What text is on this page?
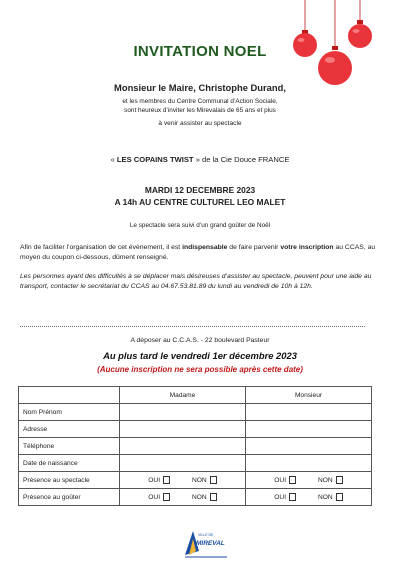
INVITATION NOEL
Monsieur le Maire, Christophe Durand,
et les membres du Centre Communal d’Action Sociale,
sont heureux d’inviter les Mirevalais de 65 ans et plus
à venir assister au spectacle
« LES COPAINS TWIST » de la Cie Douce FRANCE
MARDI 12 DECEMBRE 2023
A 14h AU CENTRE CULTUREL LEO MALET
Le spectacle sera suivi d’un grand goûter de Noël
Afin de faciliter l’organisation de cet évènement, il est indispensable de faire parvenir votre inscription au CCAS, au moyen du coupon ci-dessous, dûment renseigné.
Les personnes ayant des difficultés à se déplacer mais désireuses d’assister au spectacle, peuvent pour une aide au transport, contacter le secrétariat du CCAS au 04.67.53.81.89 du lundi au vendredi de 10h à 12h.
A déposer au C.C.A.S. - 22 boulevard Pasteur
Au plus tard le vendredi 1er décembre 2023
(Aucune inscription ne sera possible après cette date)
	Madame	Monsieur
Nom Prénom		
Adresse		
Téléphone		
Date de naissance		
Présence au spectacle	OUI NON	OUI NON
Présence au goûter	OUI NON	OUI NON
VILLE DE
MIREVAL
